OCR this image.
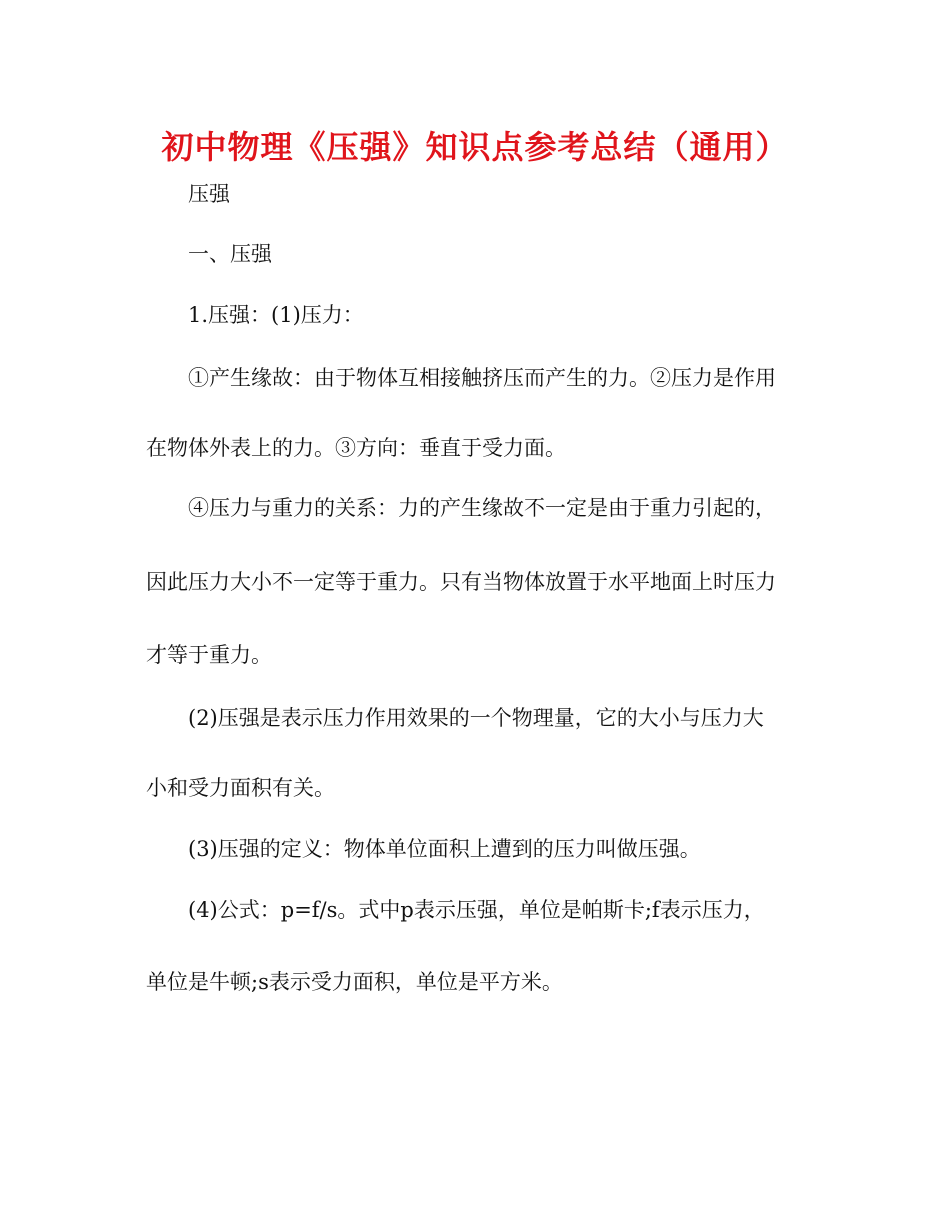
初中物理《压强》知识点参考总结（通用）
压强
一、压强
1.压强：(1)压力：
①产生缘故：由于物体互相接触挤压而产生的力。②压力是作用
在物体外表上的力。③方向：垂直于受力面。
④压力与重力的关系：力的产生缘故不一定是由于重力引起的，
因此压力大小不一定等于重力。只有当物体放置于水平地面上时压力
才等于重力。
(2)压强是表示压力作用效果的一个物理量，它的大小与压力大
小和受力面积有关。
(3)压强的定义：物体单位面积上遭到的压力叫做压强。
(4)公式：p=f/s。式中p表示压强，单位是帕斯卡;f表示压力，
单位是牛顿;s表示受力面积，单位是平方米。
